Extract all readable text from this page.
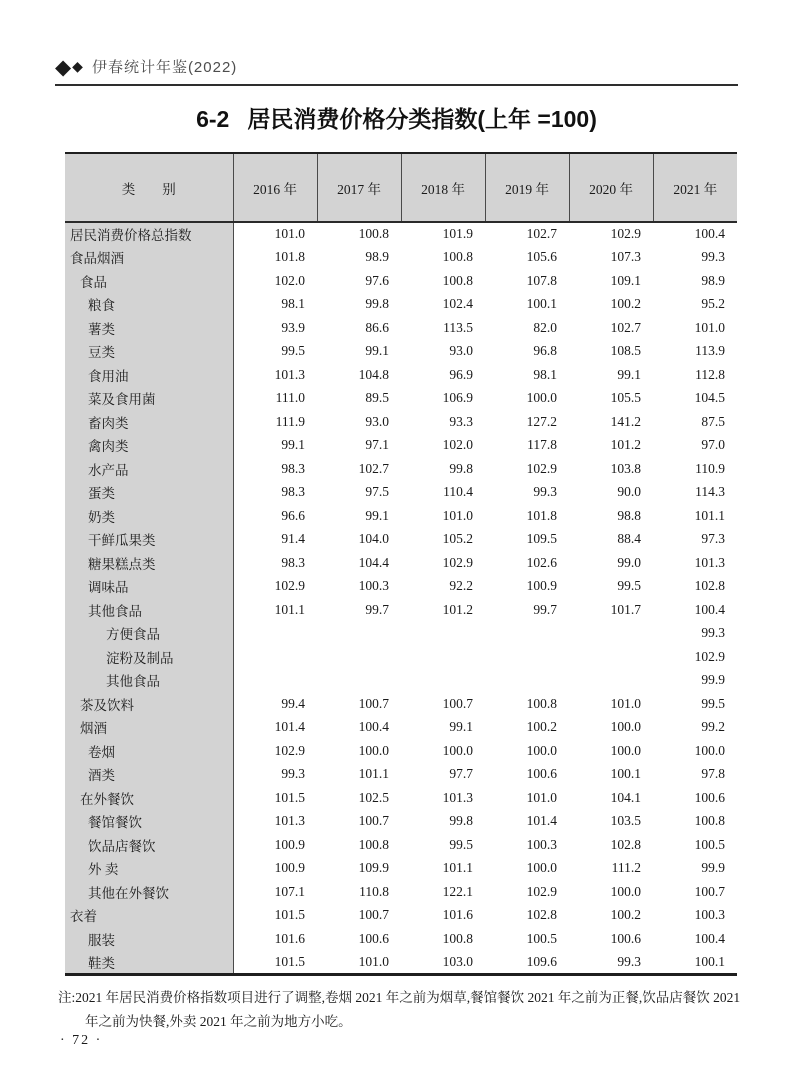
◆ ◆ 伊春统计年鉴(2022)
6-2 居民消费价格分类指数(上年 =100)
类　　别	2016 年	2017 年	2018 年	2019 年	2020 年	2021 年
居民消费价格总指数	101.0	100.8	101.9	102.7	102.9	100.4
食品烟酒	101.8	98.9	100.8	105.6	107.3	99.3
食品	102.0	97.6	100.8	107.8	109.1	98.9
粮食	98.1	99.8	102.4	100.1	100.2	95.2
薯类	93.9	86.6	113.5	82.0	102.7	101.0
豆类	99.5	99.1	93.0	96.8	108.5	113.9
食用油	101.3	104.8	96.9	98.1	99.1	112.8
菜及食用菌	111.0	89.5	106.9	100.0	105.5	104.5
畜肉类	111.9	93.0	93.3	127.2	141.2	87.5
禽肉类	99.1	97.1	102.0	117.8	101.2	97.0
水产品	98.3	102.7	99.8	102.9	103.8	110.9
蛋类	98.3	97.5	110.4	99.3	90.0	114.3
奶类	96.6	99.1	101.0	101.8	98.8	101.1
干鲜瓜果类	91.4	104.0	105.2	109.5	88.4	97.3
糖果糕点类	98.3	104.4	102.9	102.6	99.0	101.3
调味品	102.9	100.3	92.2	100.9	99.5	102.8
其他食品	101.1	99.7	101.2	99.7	101.7	100.4
方便食品						99.3
淀粉及制品						102.9
其他食品						99.9
茶及饮料	99.4	100.7	100.7	100.8	101.0	99.5
烟酒	101.4	100.4	99.1	100.2	100.0	99.2
卷烟	102.9	100.0	100.0	100.0	100.0	100.0
酒类	99.3	101.1	97.7	100.6	100.1	97.8
在外餐饮	101.5	102.5	101.3	101.0	104.1	100.6
餐馆餐饮	101.3	100.7	99.8	101.4	103.5	100.8
饮品店餐饮	100.9	100.8	99.5	100.3	102.8	100.5
外 卖	100.9	109.9	101.1	100.0	111.2	99.9
其他在外餐饮	107.1	110.8	122.1	102.9	100.0	100.7
衣着	101.5	100.7	101.6	102.8	100.2	100.3
服装	101.6	100.6	100.8	100.5	100.6	100.4
鞋类	101.5	101.0	103.0	109.6	99.3	100.1
注:2021 年居民消费价格指数项目进行了调整,卷烟 2021 年之前为烟草,餐馆餐饮 2021 年之前为正餐,饮品店餐饮 2021 年之前为快餐,外卖 2021 年之前为地方小吃。
· 72 ·
